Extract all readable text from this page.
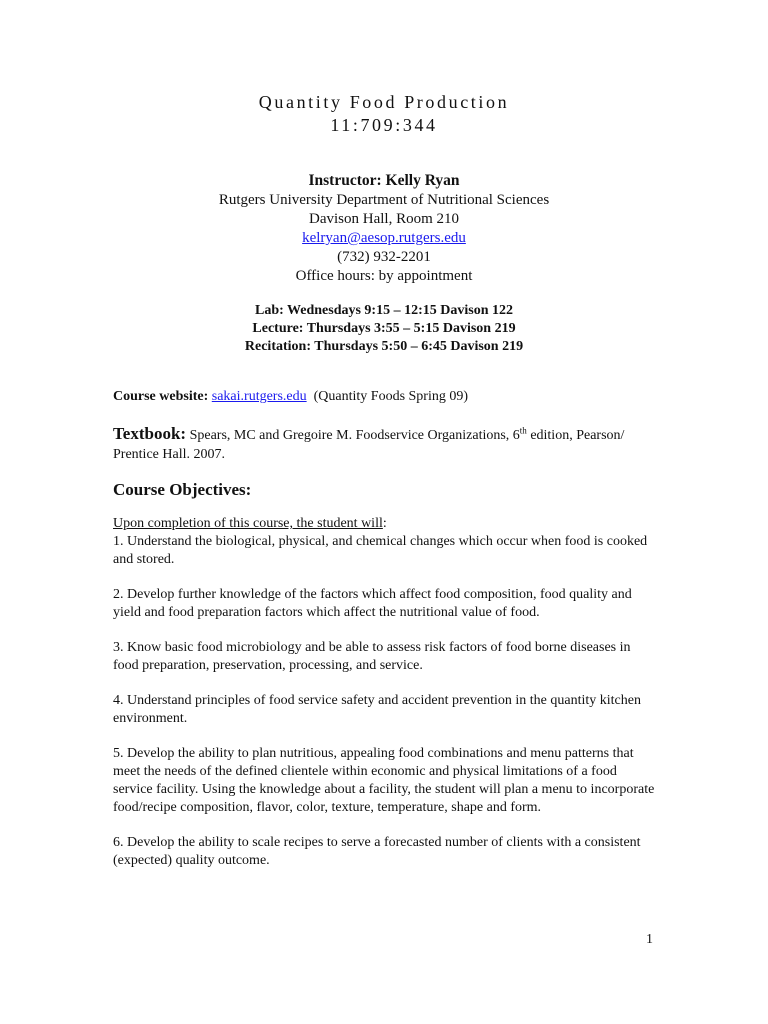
Quantity Food Production
11:709:344
Instructor: Kelly Ryan
Rutgers University Department of Nutritional Sciences
Davison Hall, Room 210
kelryan@aesop.rutgers.edu
(732) 932-2201
Office hours: by appointment
Lab: Wednesdays 9:15 – 12:15 Davison 122
Lecture: Thursdays 3:55 – 5:15 Davison 219
Recitation: Thursdays 5:50 – 6:45 Davison 219
Course website: sakai.rutgers.edu (Quantity Foods Spring 09)
Textbook: Spears, MC and Gregoire M. Foodservice Organizations, 6th edition, Pearson/ Prentice Hall. 2007.
Course Objectives:
Upon completion of this course, the student will:

1. Understand the biological, physical, and chemical changes which occur when food is cooked and stored.

2. Develop further knowledge of the factors which affect food composition, food quality and yield and food preparation factors which affect the nutritional value of food.

3. Know basic food microbiology and be able to assess risk factors of food borne diseases in food preparation, preservation, processing, and service.

4. Understand principles of food service safety and accident prevention in the quantity kitchen environment.

5. Develop the ability to plan nutritious, appealing food combinations and menu patterns that meet the needs of the defined clientele within economic and physical limitations of a food service facility. Using the knowledge about a facility, the student will plan a menu to incorporate food/recipe composition, flavor, color, texture, temperature, shape and form.

6. Develop the ability to scale recipes to serve a forecasted number of clients with a consistent (expected) quality outcome.

1
